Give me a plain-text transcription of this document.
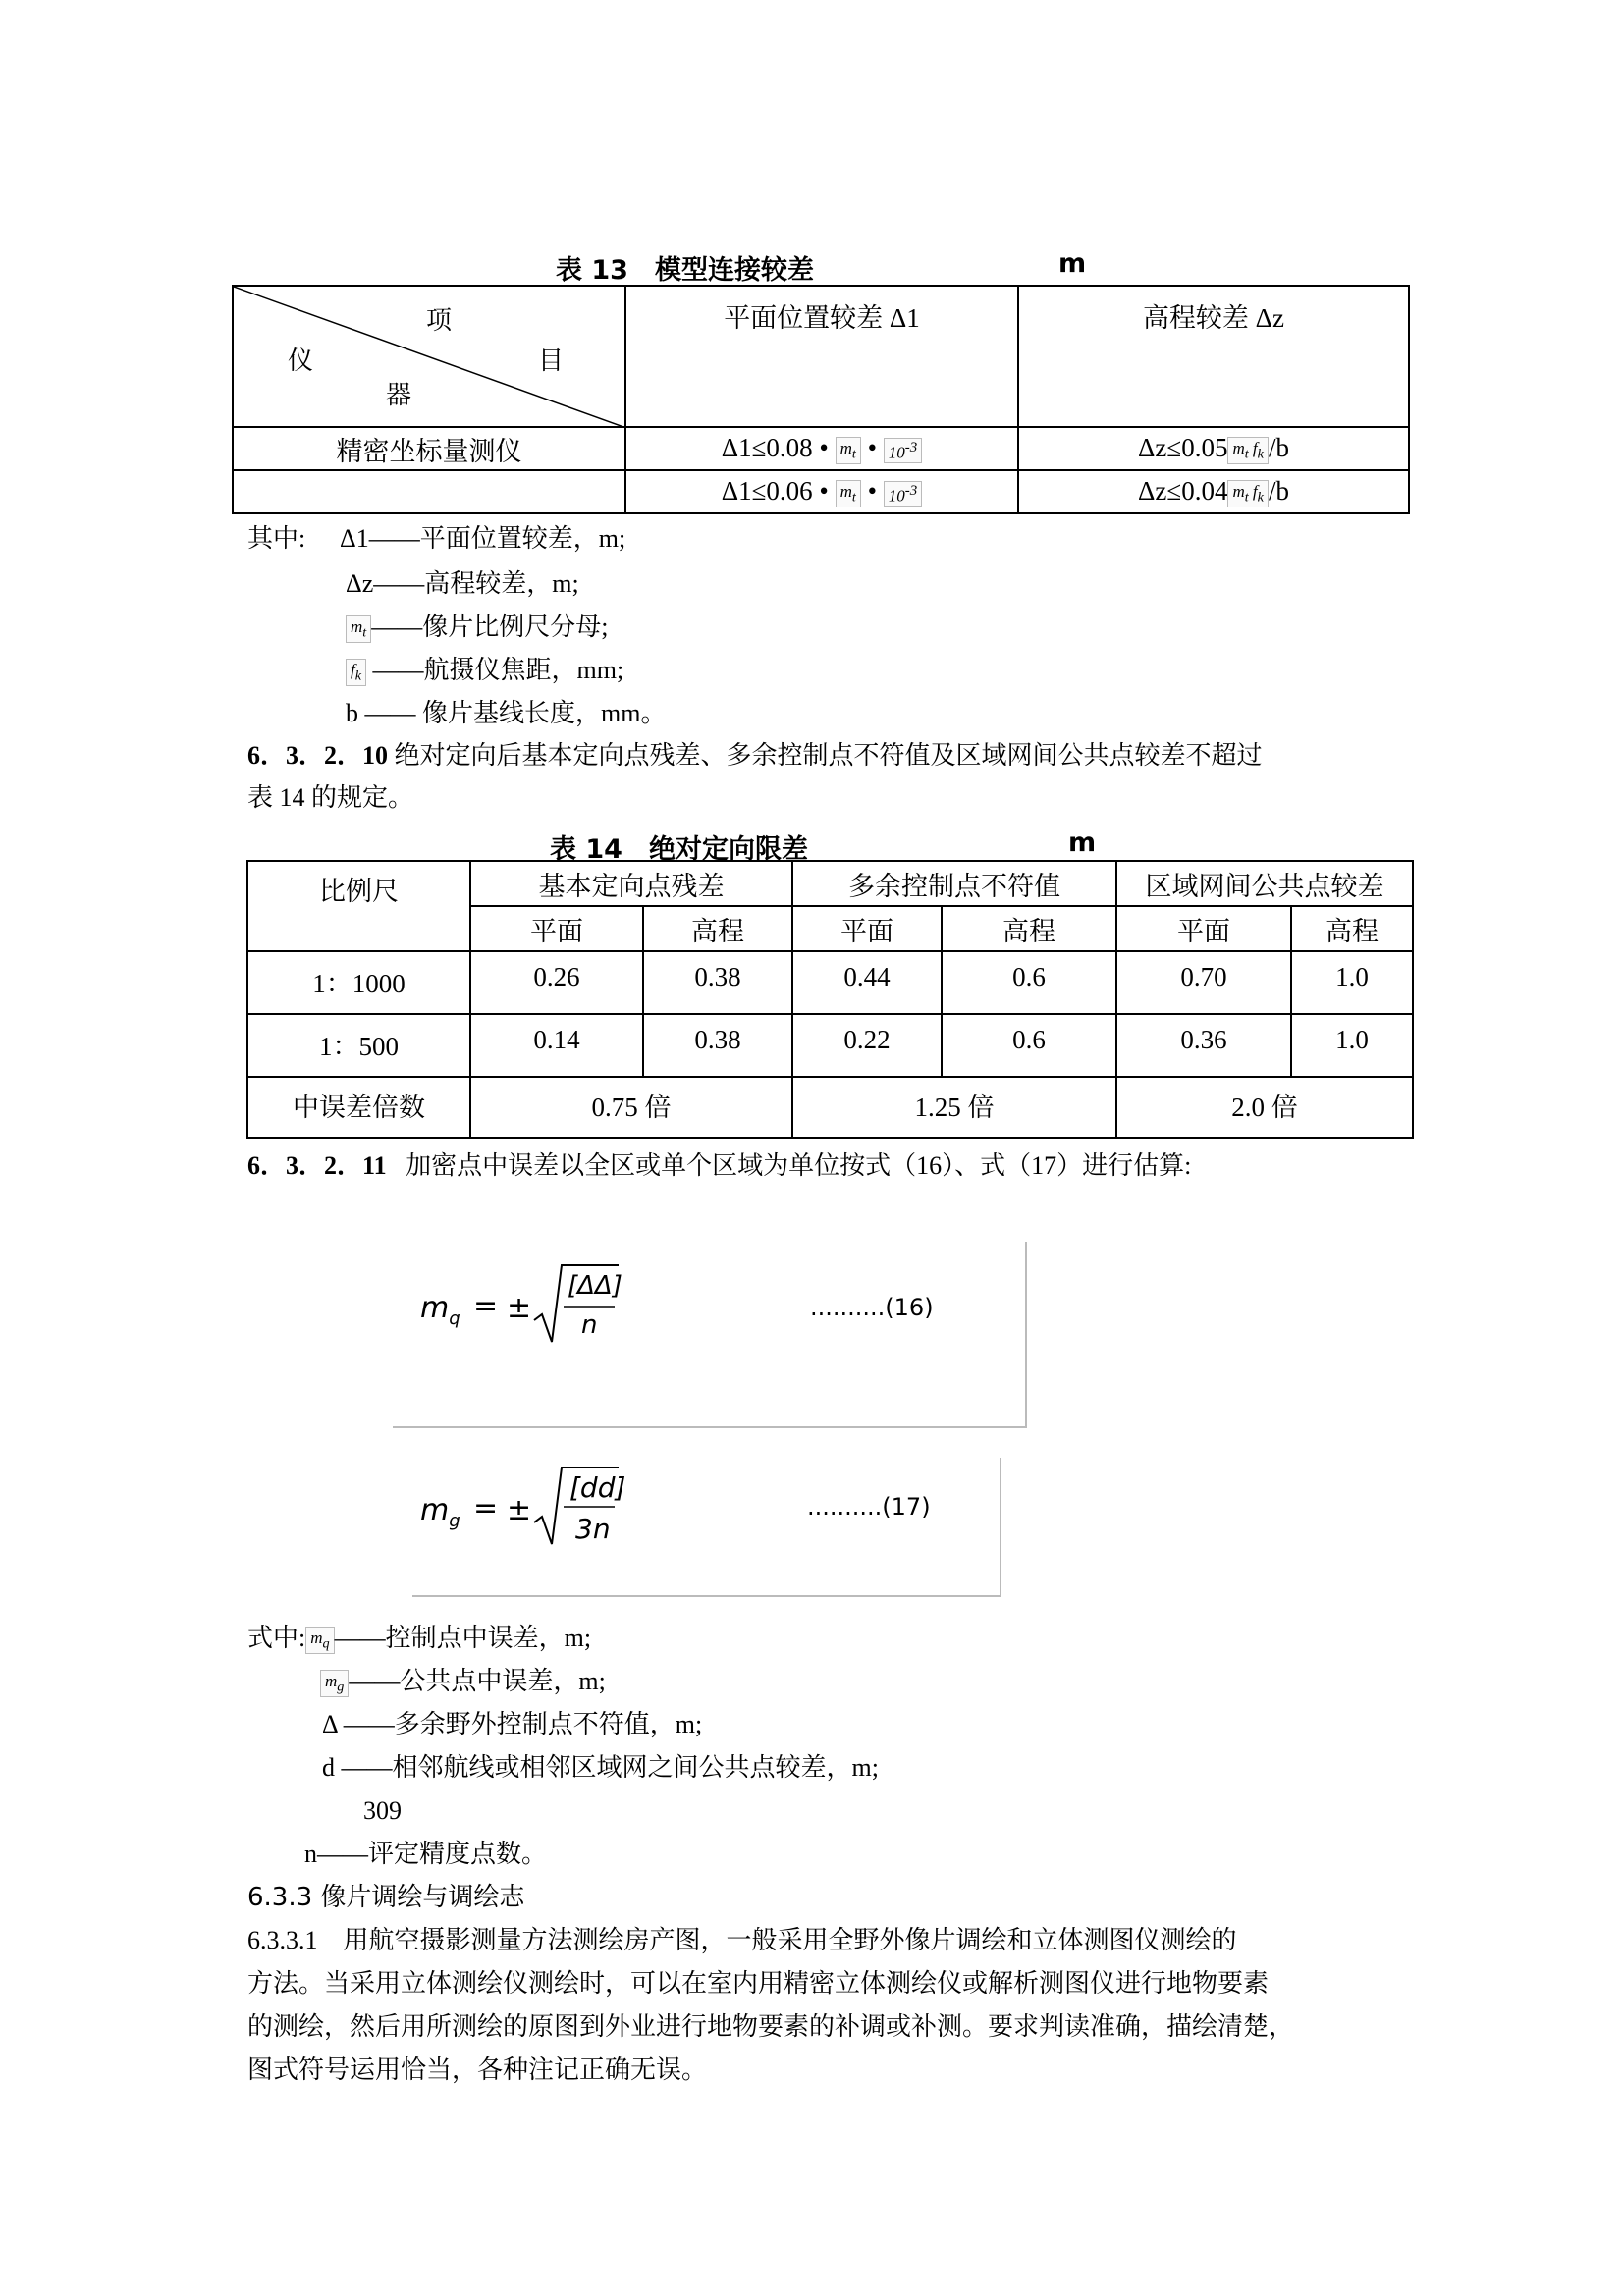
表 13　模型连接较差	m
项
仪 目
器	平面位置较差 Δ1	高程较差 Δz
精密坐标量测仪	Δ1≤0.08 • $m_t$ • 10-3	Δz≤0.05 $m_t$ $f_k$ /b
	Δ1≤0.06 • $m_t$ • 10-3	Δz≤0.04 $m_t$ $f_k$ /b
其中: Δ1——平面位置较差，m;
Δz——高程较差，m;
$m_t$ ——像片比例尺分母;
$f_k$ ——航摄仪焦距，mm;
b —— 像片基线长度，mm。
6．3．2．10 绝对定向后基本定向点残差、多余控制点不符值及区域网间公共点较差不超过
表 14 的规定。
表 14　绝对定向限差	m
比例尺	基本定向点残差		多余控制点不符值		区域网间公共点较差	
	平面	高程	平面	高程	平面	高程
1：1000	0.26	0.38	0.44	0.6	0.70	1.0
1：500	0.14	0.38	0.22	0.6	0.36	1.0
中误差倍数	0.75 倍		1.25 倍		2.0 倍	
6．3．2．11 加密点中误差以全区或单个区域为单位按式（16）、式（17）进行估算:
$m_q$ = ±
[ΔΔ]
n
..........(16)
$m_g$ = ±
[dd]
3n
..........(17)
式中: $m_q$ ——控制点中误差，m;
$m_g$ ——公共点中误差，m;
Δ ——多余野外控制点不符值，m;
d ——相邻航线或相邻区域网之间公共点较差，m;
309
n——评定精度点数。
6.3.3 像片调绘与调绘志
6.3.3.1 用航空摄影测量方法测绘房产图，一般采用全野外像片调绘和立体测图仪测绘的
方法。当采用立体测绘仪测绘时，可以在室内用精密立体测绘仪或解析测图仪进行地物要素
的测绘，然后用所测绘的原图到外业进行地物要素的补调或补测。要求判读准确，描绘清楚，
图式符号运用恰当，各种注记正确无误。
